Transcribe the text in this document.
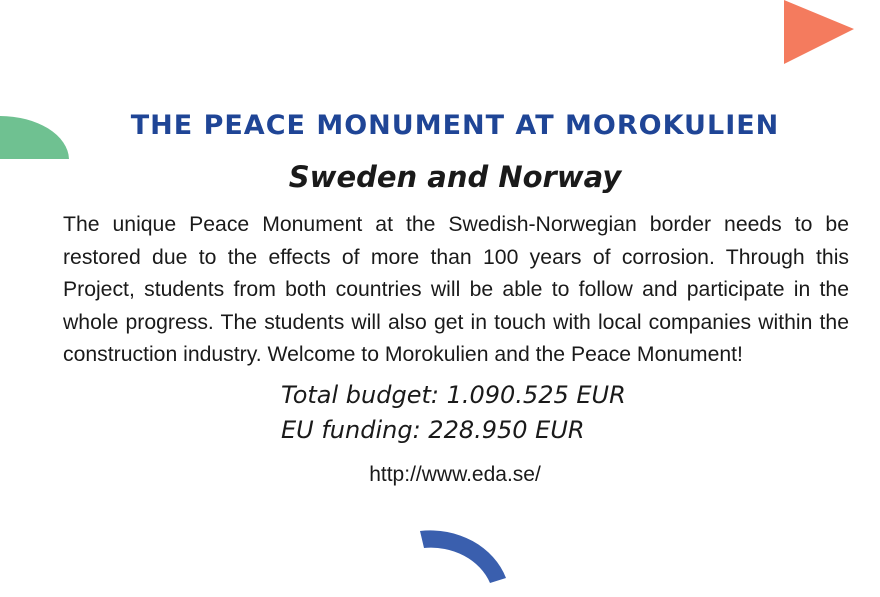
THE PEACE MONUMENT AT MOROKULIEN
Sweden and Norway

The unique Peace Monument at the Swedish-Norwegian border needs to be restored due to the effects of more than 100 years of corrosion. Through this Project, students from both countries will be able to follow and participate in the whole progress. The students will also get in touch with local companies within the construction industry. Welcome to Morokulien and the Peace Monument!

Total budget: 1.090.525 EUR
EU funding: 228.950 EUR
http://www.eda.se/
